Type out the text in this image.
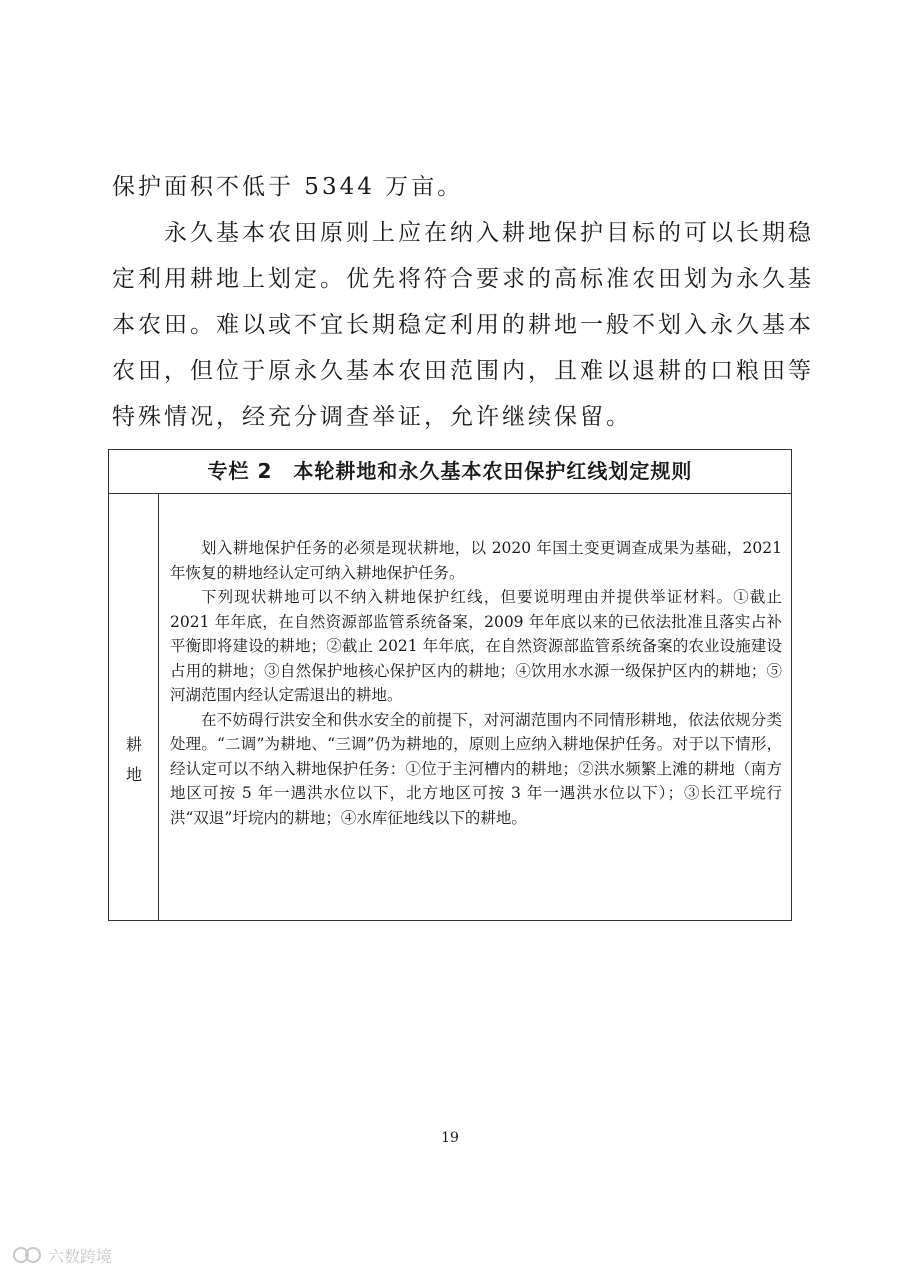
保护面积不低于 5344 万亩。

　　永久基本农田原则上应在纳入耕地保护目标的可以长期稳

定利用耕地上划定。优先将符合要求的高标准农田划为永久基

本农田。难以或不宜长期稳定利用的耕地一般不划入永久基本

农田，但位于原永久基本农田范围内，且难以退耕的口粮田等

特殊情况，经充分调查举证，允许继续保留。

专栏 2　本轮耕地和永久基本农田保护红线划定规则
耕
地

划入耕地保护任务的必须是现状耕地，以 2020 年国土变更调查成果为基础，2021 年恢复的耕地经认定可纳入耕地保护任务。

下列现状耕地可以不纳入耕地保护红线，但要说明理由并提供举证材料。①截止 2021 年年底，在自然资源部监管系统备案，2009 年年底以来的已依法批准且落实占补平衡即将建设的耕地；②截止 2021 年年底，在自然资源部监管系统备案的农业设施建设占用的耕地；③自然保护地核心保护区内的耕地；④饮用水水源一级保护区内的耕地；⑤河湖范围内经认定需退出的耕地。

在不妨碍行洪安全和供水安全的前提下，对河湖范围内不同情形耕地，依法依规分类处理。“二调”为耕地、“三调”仍为耕地的，原则上应纳入耕地保护任务。对于以下情形，经认定可以不纳入耕地保护任务：①位于主河槽内的耕地；②洪水频繁上滩的耕地（南方地区可按 5 年一遇洪水位以下，北方地区可按 3 年一遇洪水位以下）；③长江平垸行洪“双退”圩垸内的耕地；④水库征地线以下的耕地。

19
六数跨境
